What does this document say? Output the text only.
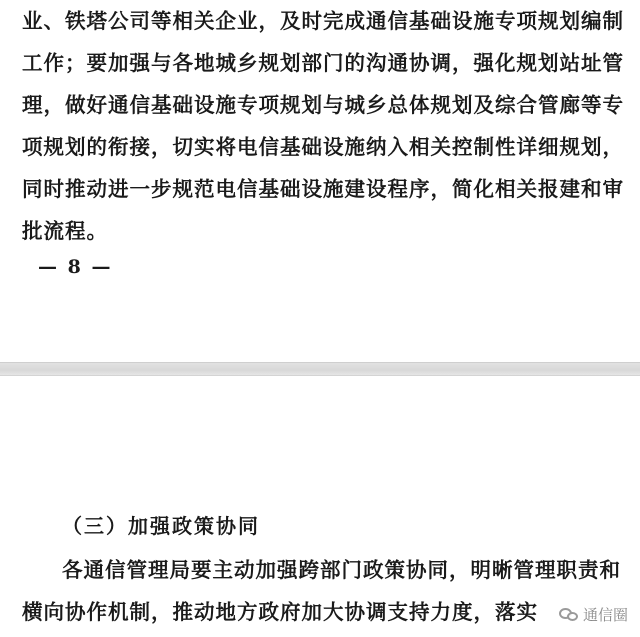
业、铁塔公司等相关企业，及时完成通信基础设施专项规划编制
工作；要加强与各地城乡规划部门的沟通协调，强化规划站址管
理，做好通信基础设施专项规划与城乡总体规划及综合管廊等专
项规划的衔接，切实将电信基础设施纳入相关控制性详细规划，
同时推动进一步规范电信基础设施建设程序，简化相关报建和审
批流程。
— 8 —
（三）加强政策协同
各通信管理局要主动加强跨部门政策协同，明晰管理职责和
横向协作机制，推动地方政府加大协调支持力度，落实	通信圈
